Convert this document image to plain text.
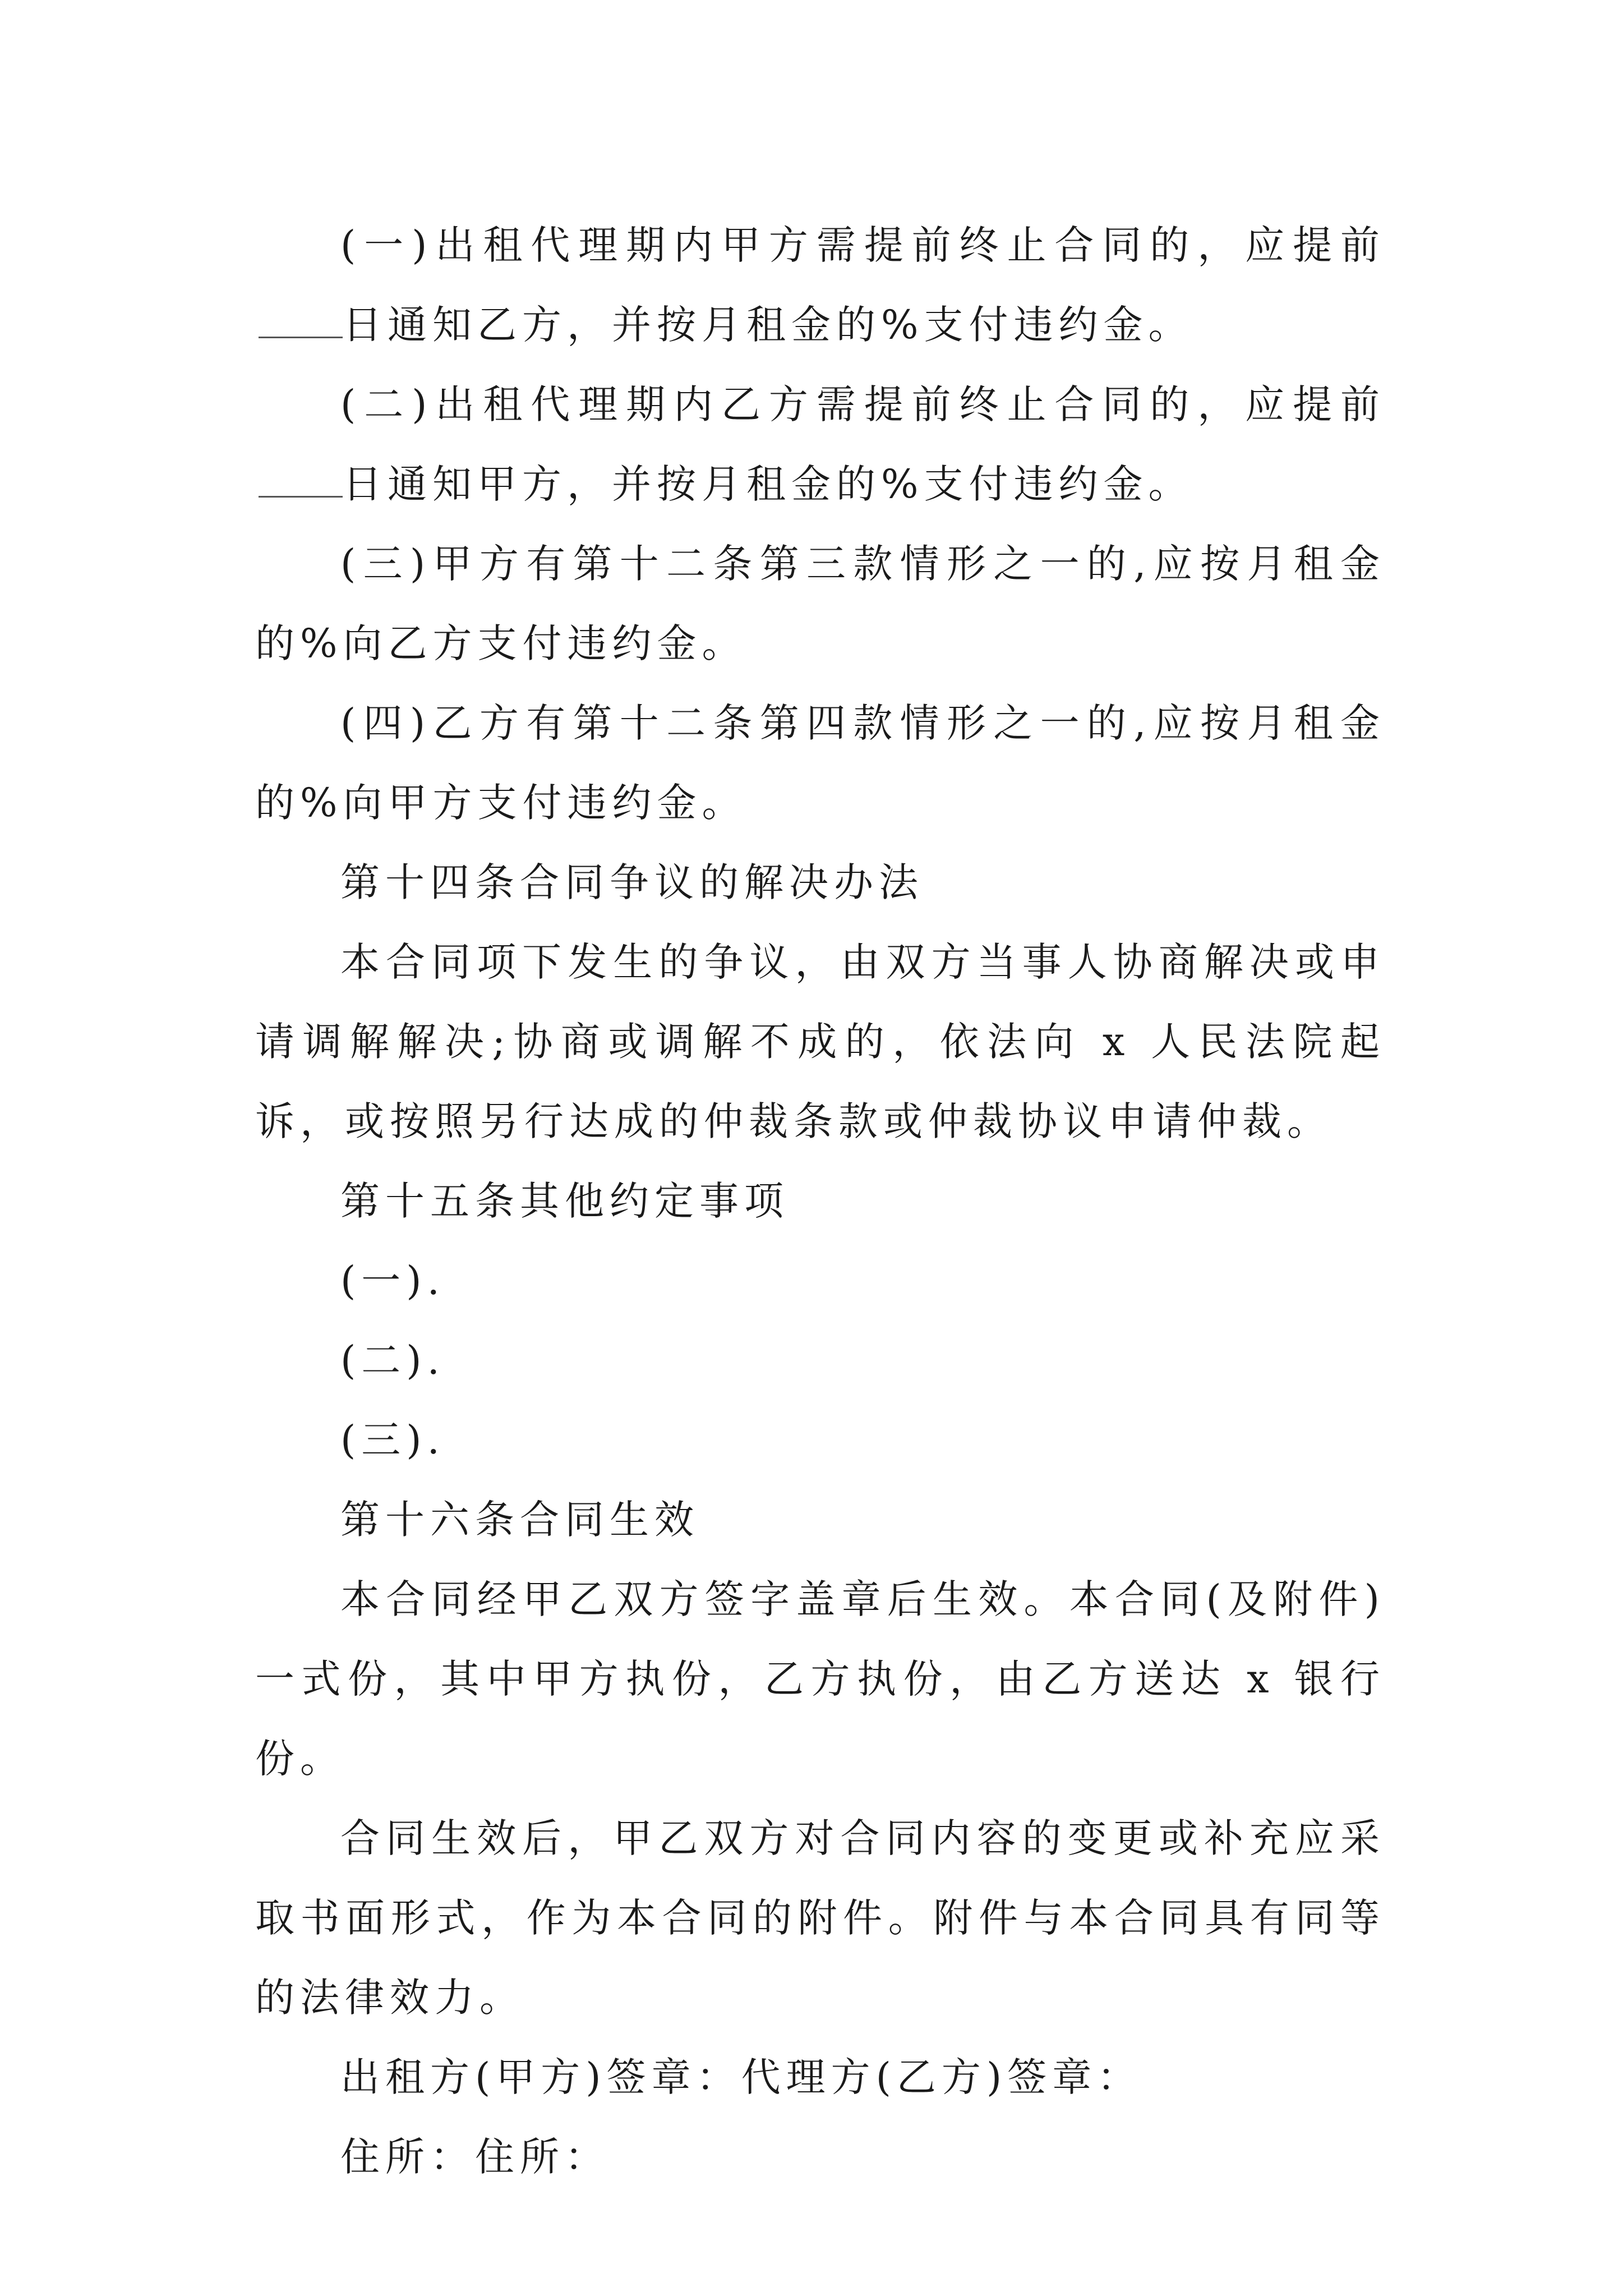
(一)出租代理期内甲方需提前终止合同的，应提前日通知乙方，并按月租金的%支付违约金。

(二)出租代理期内乙方需提前终止合同的，应提前日通知甲方，并按月租金的%支付违约金。

(三)甲方有第十二条第三款情形之一的,应按月租金的%向乙方支付违约金。

(四)乙方有第十二条第四款情形之一的,应按月租金的%向甲方支付违约金。

第十四条合同争议的解决办法

本合同项下发生的争议，由双方当事人协商解决或申请调解解决;协商或调解不成的，依法向 x 人民法院起诉，或按照另行达成的仲裁条款或仲裁协议申请仲裁。

第十五条其他约定事项

(一).

(二).

(三).

第十六条合同生效

本合同经甲乙双方签字盖章后生效。本合同(及附件)一式份，其中甲方执份，乙方执份，由乙方送达 x 银行份。

合同生效后，甲乙双方对合同内容的变更或补充应采取书面形式，作为本合同的附件。附件与本合同具有同等的法律效力。

出租方(甲方)签章：代理方(乙方)签章：

住所：住所：
